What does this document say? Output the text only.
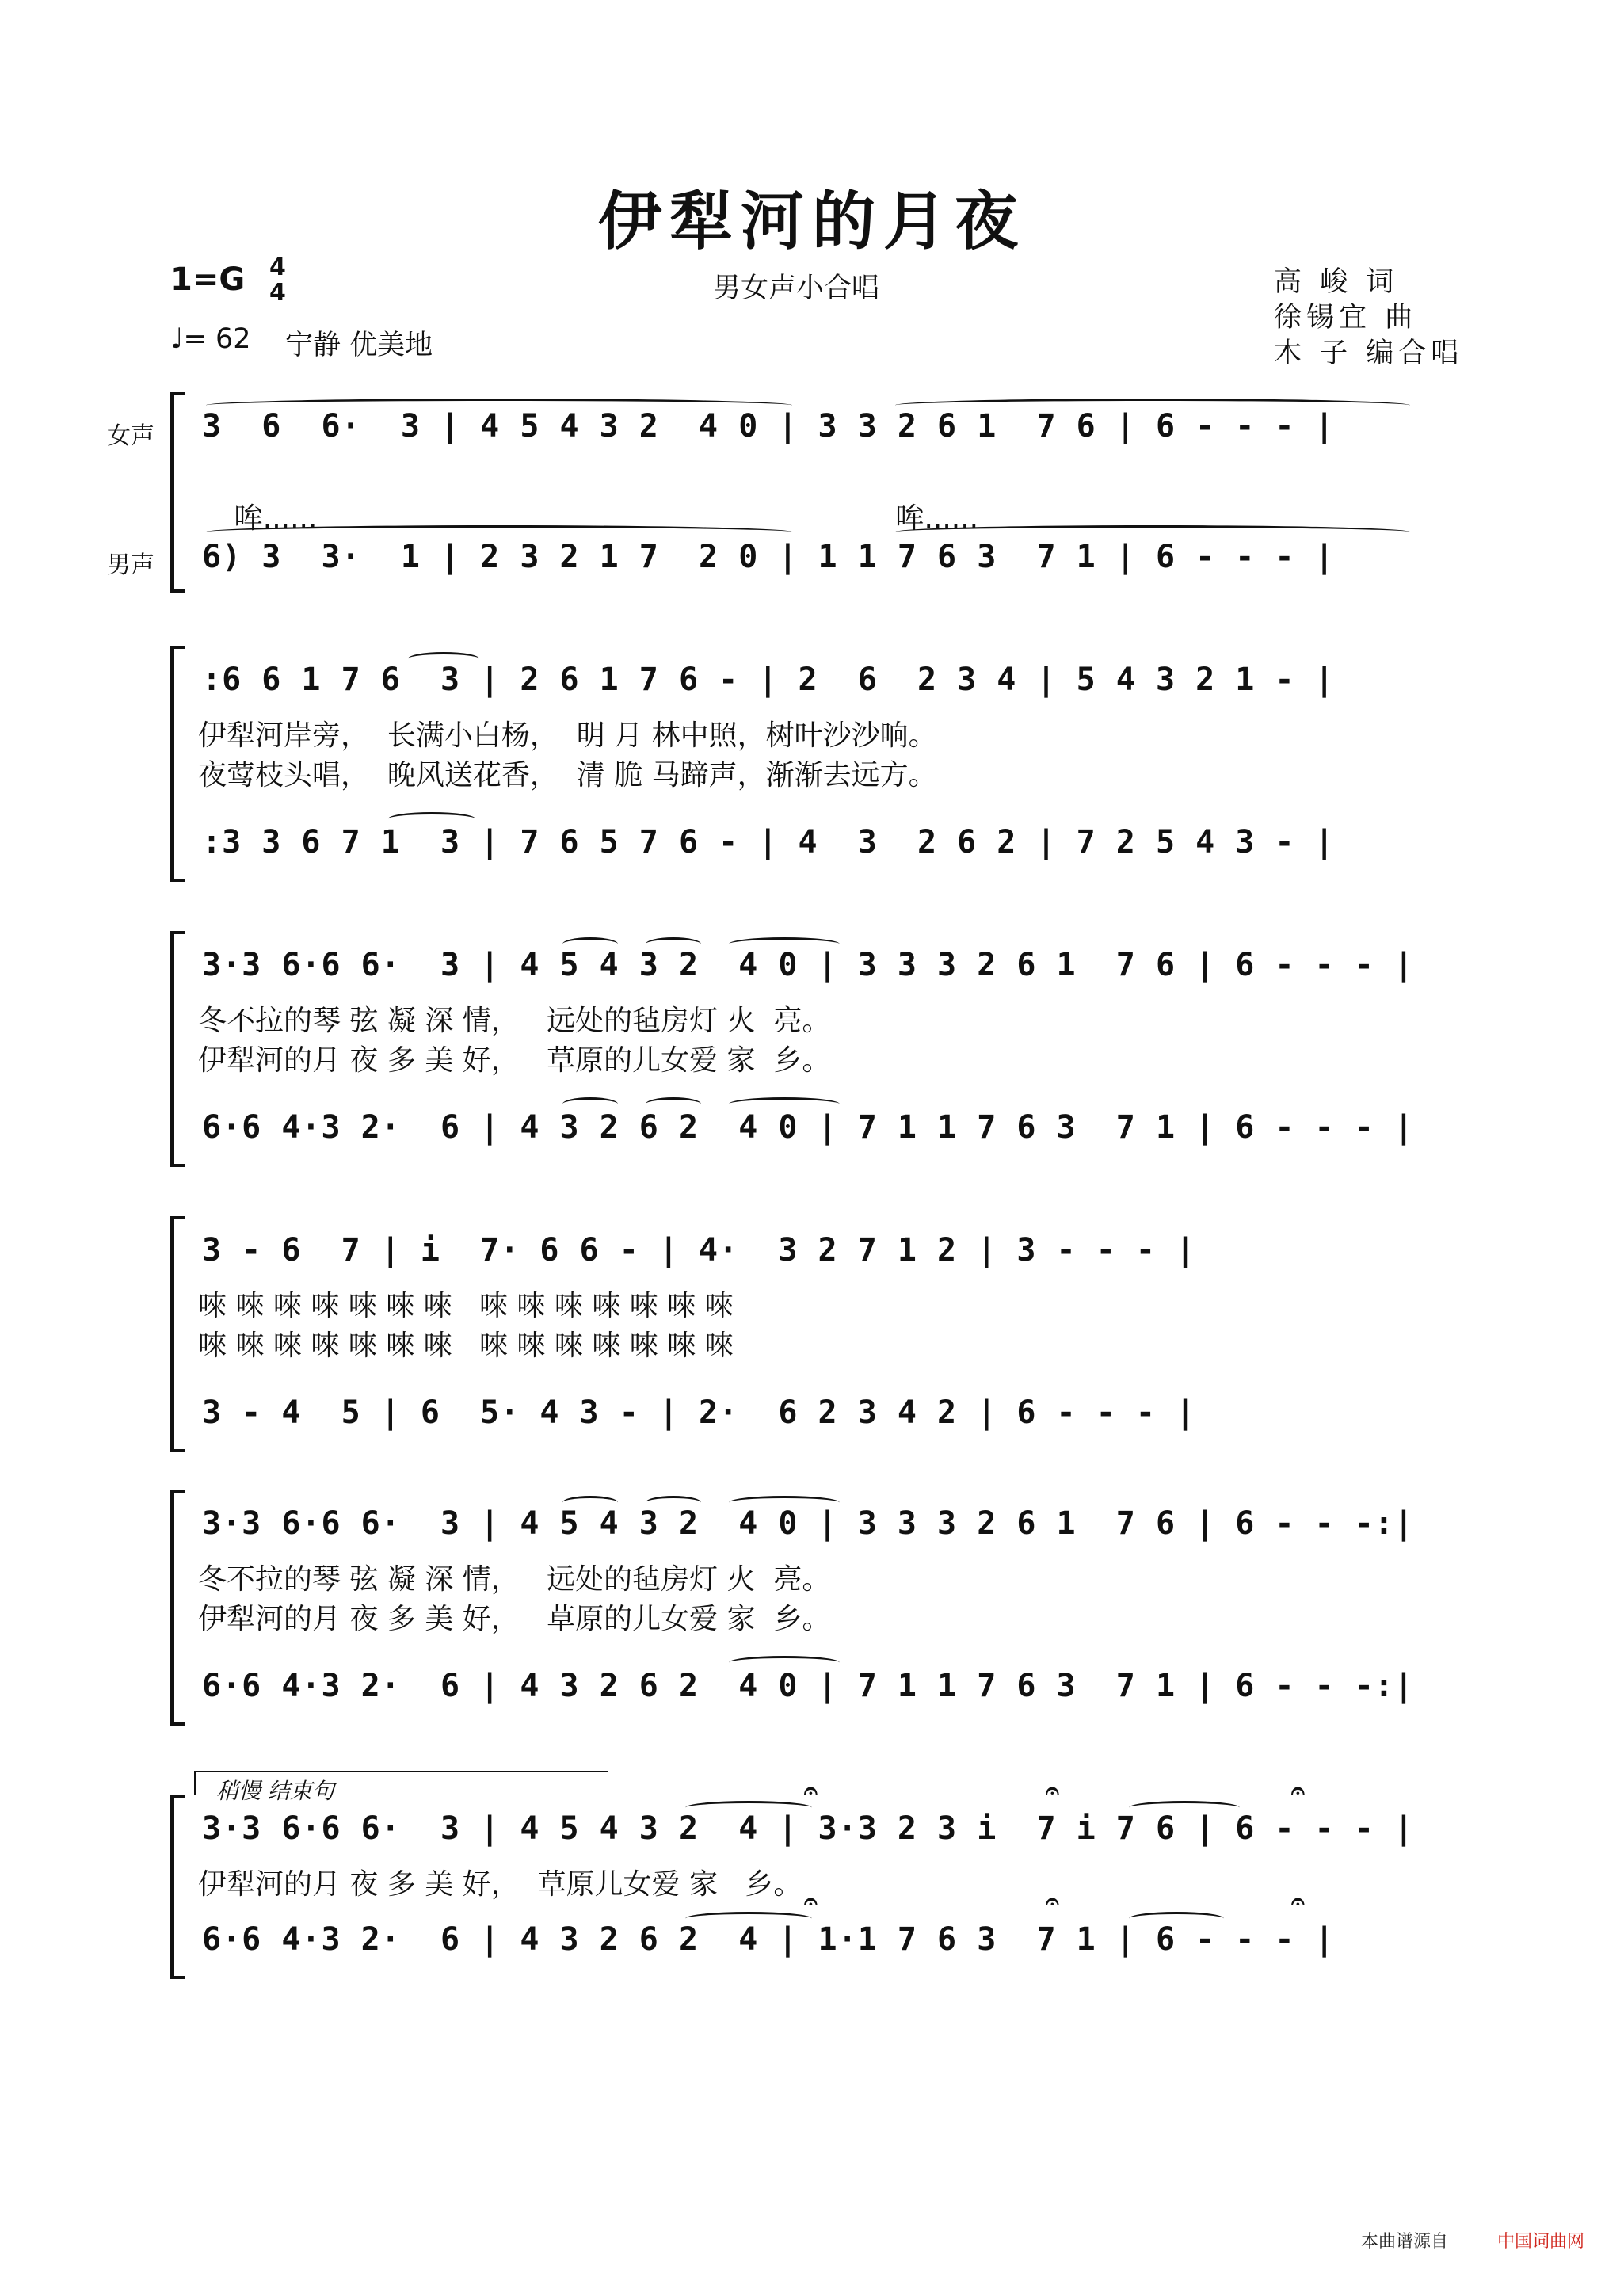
伊犁河的月夜
1=G 4
4
♩= 62 宁静 优美地
男女声小合唱	高 峻 词
徐锡宜 曲
木 子 编合唱
女声
男声
3  6  6·  3 | 4 5 4 3 2  4 0 | 3 3 2 6 1  7 6 | 6 - - - |

哞......	哞......

6) 3  3·  1 | 2 3 2 1 7  2 0 | 1 1 7 6 3  7 1 | 6 - - - |
:6 6 1 7 6  3 | 2 6 1 7 6 - | 2  6  2 3 4 | 5 4 3 2 1 - |
伊犁河岸旁，  长满小白杨，  明 月 林中照，树叶沙沙响。
夜莺枝头唱，  晚风送花香，  清 脆 马蹄声，渐渐去远方。
:3 3 6 7 1  3 | 7 6 5 7 6 - | 4  3  2 6 2 | 7 2 5 4 3 - |
3·3 6·6 6·  3 | 4 5 4 3 2  4 0 | 3 3 3 2 6 1  7 6 | 6 - - - |
冬不拉的琴 弦 凝 深 情，   远处的毡房灯 火  亮。
伊犁河的月 夜 多 美 好，   草原的儿女爱 家  乡。
6·6 4·3 2·  6 | 4 3 2 6 2  4 0 | 7 1 1 7 6 3  7 1 | 6 - - - |
3 - 6  7 | i  7· 6 6 - | 4·  3 2 7 1 2 | 3 - - - |
唻 唻 唻 唻 唻 唻 唻   唻 唻 唻 唻 唻 唻 唻
唻 唻 唻 唻 唻 唻 唻   唻 唻 唻 唻 唻 唻 唻
3 - 4  5 | 6  5· 4 3 - | 2·  6 2 3 4 2 | 6 - - - |
3·3 6·6 6·  3 | 4 5 4 3 2  4 0 | 3 3 3 2 6 1  7 6 | 6 - - -:|
冬不拉的琴 弦 凝 深 情，   远处的毡房灯 火  亮。
伊犁河的月 夜 多 美 好，   草原的儿女爱 家  乡。
6·6 4·3 2·  6 | 4 3 2 6 2  4 0 | 7 1 1 7 6 3  7 1 | 6 - - -:|
稍慢 结束句
3·3 6·6 6·  3 | 4 5 4 3 2  4 | 3·3 2 3 i  7 i 7 6 | 6 - - - |
伊犁河的月 夜 多 美 好，  草原儿女爱 家   乡。
6·6 4·3 2·  6 | 4 3 2 6 2  4 | 1·1 7 6 3  7 1 | 6 - - - |
𝄐	𝄐	𝄐
𝄐	𝄐	𝄐
本曲谱源自	中国词曲网
